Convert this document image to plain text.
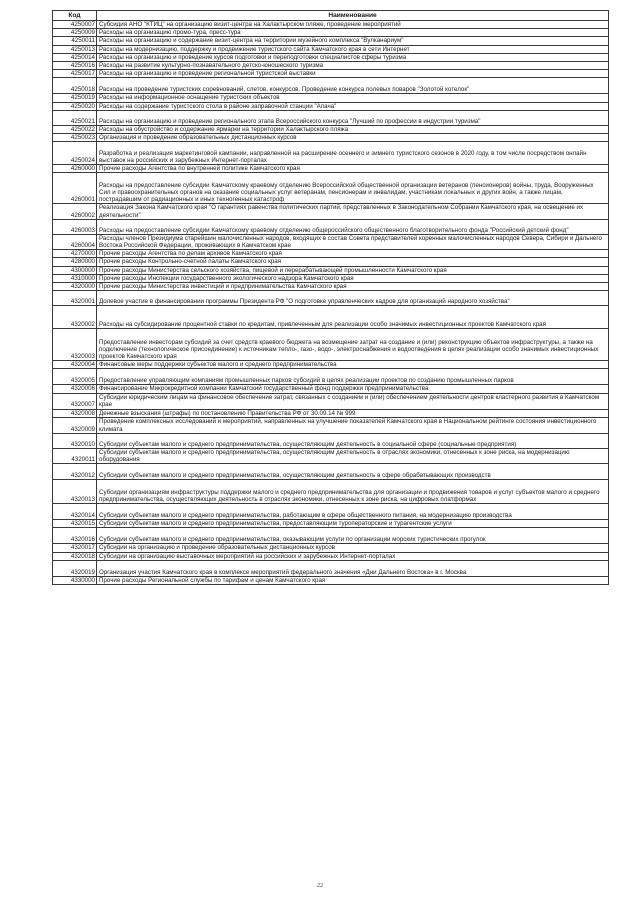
Код	Наименование
4250007	Субсидия АНО "КТИЦ" на организацию визит-центра на Халактырском пляже, проведение мероприятий
4250009	Расходы на организацию промо-тура, пресс-тура
4250011	Расходы на организацию и содержание визит-центра на территории музейного комплекса "Вулканариум"
4250013	Расходы на модернизацию, поддержку и продвижение туристского сайта Камчатского края в сети Интернет
4250014	Расходы на организацию и проведение курсов подготовки и переподготовки специалистов сферы туризма
4250016	Расходы на развитие культурно-познавательного детско-юношеского туризма
4250017	Расходы на организацию и проведение региональной туристской выставки
4250018	Расходы на проведение туристских соревнований, слетов, конкурсов. Проведение конкурса полевых поваров "Золотой котелок"
4250019	Расходы на информационное оснащение туристских объектов
4250020	Расходы на содержание туристского стола в районе заправочной станции "Апача"
4250021	Расходы на организацию и проведение регионального этапа Всероссийского конкурса "Лучший по профессии в индустрии туризма"
4250022	Расходы на обустройство и содержание ярмарки на территории Халактырского пляжа
4250023	Организация и проведение образовательных дистанционных курсов
4250024	Разработка и реализация маркетинговой кампании, направленной на расширение осеннего и зимнего туристского сезонов в 2020 году, в том числе посредством онлайн выставок на российских и зарубежных Интернет-порталах
4260000	Прочие расходы Агентства по внутренней политике Камчатского края
4260001	Расходы на предоставление субсидии Камчатскому краевому отделению Всероссийской общественной организации ветеранов (пенсионеров) войны, труда, Вооруженных Сил и правоохранительных органов на оказание социальных услуг ветеранам, пенсионерам и инвалидам, участникам локальных и других войн, а также лицам, пострадавшим от радиационных и иных техногенных катастроф
4260002	Реализация Закона Камчатского края "О гарантиях равенства политических партий, представленных в Законодательном Собрании Камчатского края, на освещение их деятельности"
4260003	Расходы на предоставление субсидии Камчатскому краевому отделению общероссийского общественного благотворительного фонда "Российский детский фонд"
4260004	Расходы членов Президиума старейшин малочисленных народов, входящих в состав Совета представителей коренных малочисленных народов Севера, Сибири и Дальнего Востока Российской Федерации, проживающих в Камчатском крае
4270000	Прочие расходы Агентства по делам архивов Камчатского края
4280000	Прочие расходы Контрольно-счетной палаты Камчатского края
4300000	Прочие расходы Министерства сельского хозяйства, пищевой и перерабатывающей промышленности Камчатского края
4310000	Прочие расходы Инспекции государственного экологического надзора Камчатского края
4320000	Прочие расходы Министерства инвестиций и предпринимательства Камчатского края
4320001	Долевое участие в финансировании программы Президента РФ "О подготовке управленческих кадров для организаций народного хозяйства"
4320002	Расходы на субсидирование процентной ставки по кредитам, привлеченным для реализации особо значимых инвестиционных проектов Камчатского края
4320003	Предоставление инвесторам субсидий за счет средств краевого бюджета на возмещение затрат на создание и (или) реконструкцию объектов инфраструктуры, а также на подключение (технологическое присоединение) к источникам тепло-, газо-, водо-, электроснабжения и водоотведения в целях реализации особо значимых инвестиционных проектов Камчатского края
4320004	Финансовые меры поддержки субъектов малого и среднего предпринимательства
4320005	Предоставление управляющим компаниям промышленных парков субсидий в целях реализации проектов по созданию промышленных парков
4320006	Финансирование Микрокредитной компании Камчатский государственный фонд поддержки предпринимательства
4320007	Субсидии юридическим лицам на финансовое обеспечение затрат, связанных с созданием и (или) обеспечением деятельности центров кластерного развития в Камчатском крае
4320008	Денежные взыскания (штрафы) по постановлению Правительства РФ от 30.09.14 № 999
4320009	Проведение комплексных исследований и мероприятий, направленных на улучшение показателей Камчатского края в Национальном рейтинге состояния инвестиционного климата
4320010	Субсидии субъектам малого и среднего предпринимательства, осуществляющим деятельность в социальной сфере (социальные предприятия)
4320011	Субсидии субъектам малого и среднего предпринимательства, осуществляющим деятельность в отраслях экономики, отнесенных к зоне риска, на модернизацию оборудования
4320012	Субсидии субъектам малого и среднего предпринимательства, осуществляющим деятельность в сфере обрабатывающих производств
4320013	Субсидии организациям инфраструктуры поддержки малого и среднего предпринимательства для организации и продвижения товаров и услуг субъектов малого и среднего предпринимательства, осуществляющих деятельность в отраслях экономики, отнесенных к зоне риска, на цифровых платформах
4320014	Субсидии субъектам малого и среднего предпринимательства, работающим в сфере общественного питания, на модернизацию производства
4320015	Субсидии субъектам малого и среднего предпринимательства, предоставляющим туроператорские и турагентские услуги
4320016	Субсидии субъектам малого и среднего предпринимательства, оказывающим услуги по организации морских туристических прогулок
4320017	Субсидии на организацию и проведение образовательных дистанционных курсов
4320018	Субсидии на организацию выставочных мероприятий на российских и зарубежных Интернет-порталах
4320019	Организация участия Камчатского края в комплексе мероприятий федерального значения «Дни Дальнего Востока» в г. Москва
4330000	Прочие расходы Региональной службы по тарифам и ценам Камчатского края
22
